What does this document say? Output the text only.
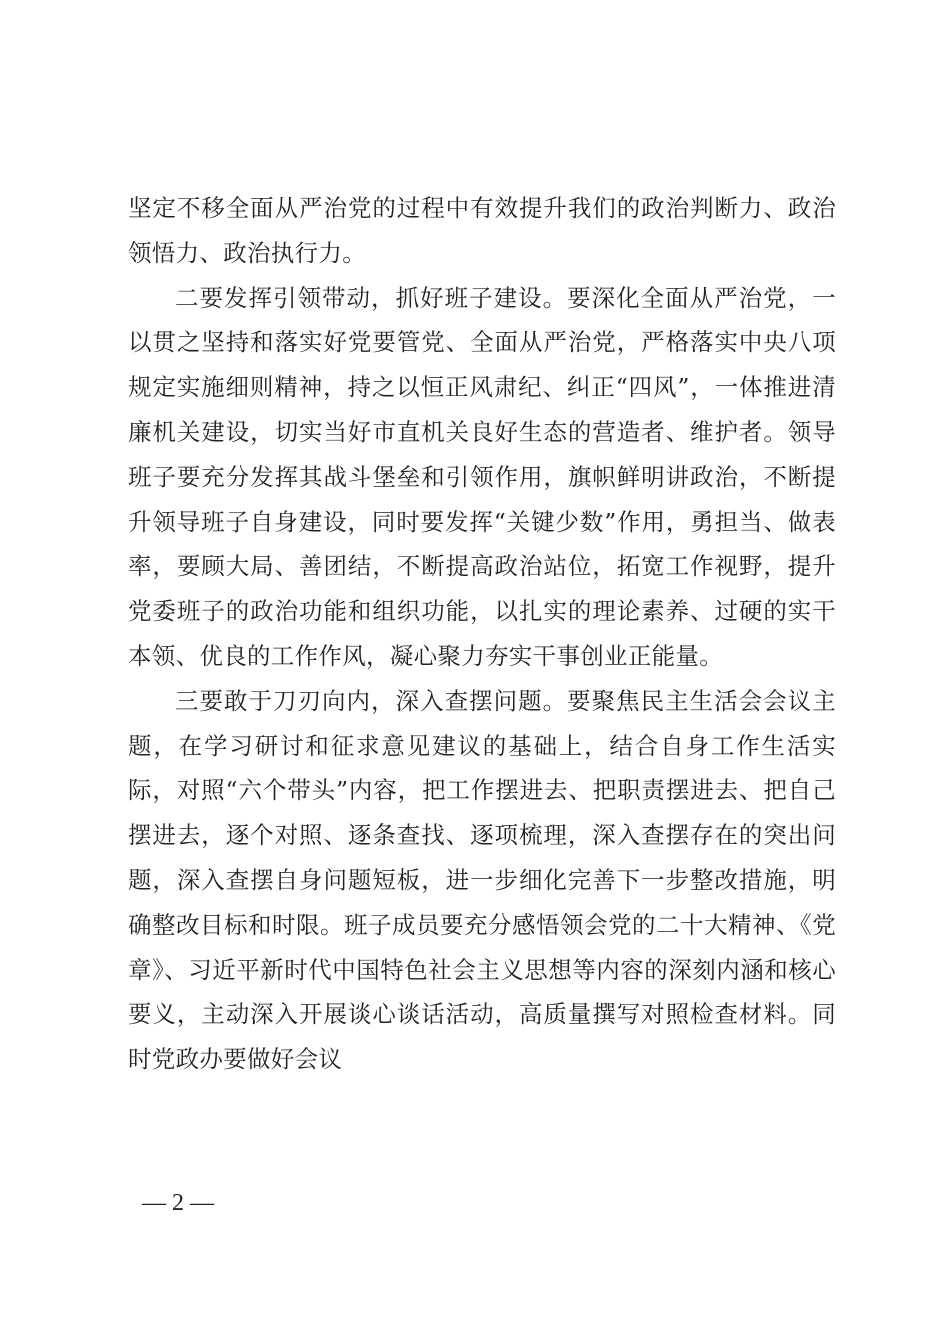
坚定不移全面从严治党的过程中有效提升我们的政治判断力、政治领悟力、政治执行力。

二要发挥引领带动，抓好班子建设。要深化全面从严治党，一以贯之坚持和落实好党要管党、全面从严治党，严格落实中央八项规定实施细则精神，持之以恒正风肃纪、纠正“四风”，一体推进清廉机关建设，切实当好市直机关良好生态的营造者、维护者。领导班子要充分发挥其战斗堡垒和引领作用，旗帜鲜明讲政治，不断提升领导班子自身建设，同时要发挥“关键少数”作用，勇担当、做表率，要顾大局、善团结，不断提高政治站位，拓宽工作视野，提升党委班子的政治功能和组织功能，以扎实的理论素养、过硬的实干本领、优良的工作作风，凝心聚力夯实干事创业正能量。

三要敢于刀刃向内，深入查摆问题。要聚焦民主生活会会议主题，在学习研讨和征求意见建议的基础上，结合自身工作生活实际，对照“六个带头”内容，把工作摆进去、把职责摆进去、把自己摆进去，逐个对照、逐条查找、逐项梳理，深入查摆存在的突出问题，深入查摆自身问题短板，进一步细化完善下一步整改措施，明确整改目标和时限。班子成员要充分感悟领会党的二十大精神、《党章》、习近平新时代中国特色社会主义思想等内容的深刻内涵和核心要义，主动深入开展谈心谈话活动，高质量撰写对照检查材料。同时党政办要做好会议

— 2 —
